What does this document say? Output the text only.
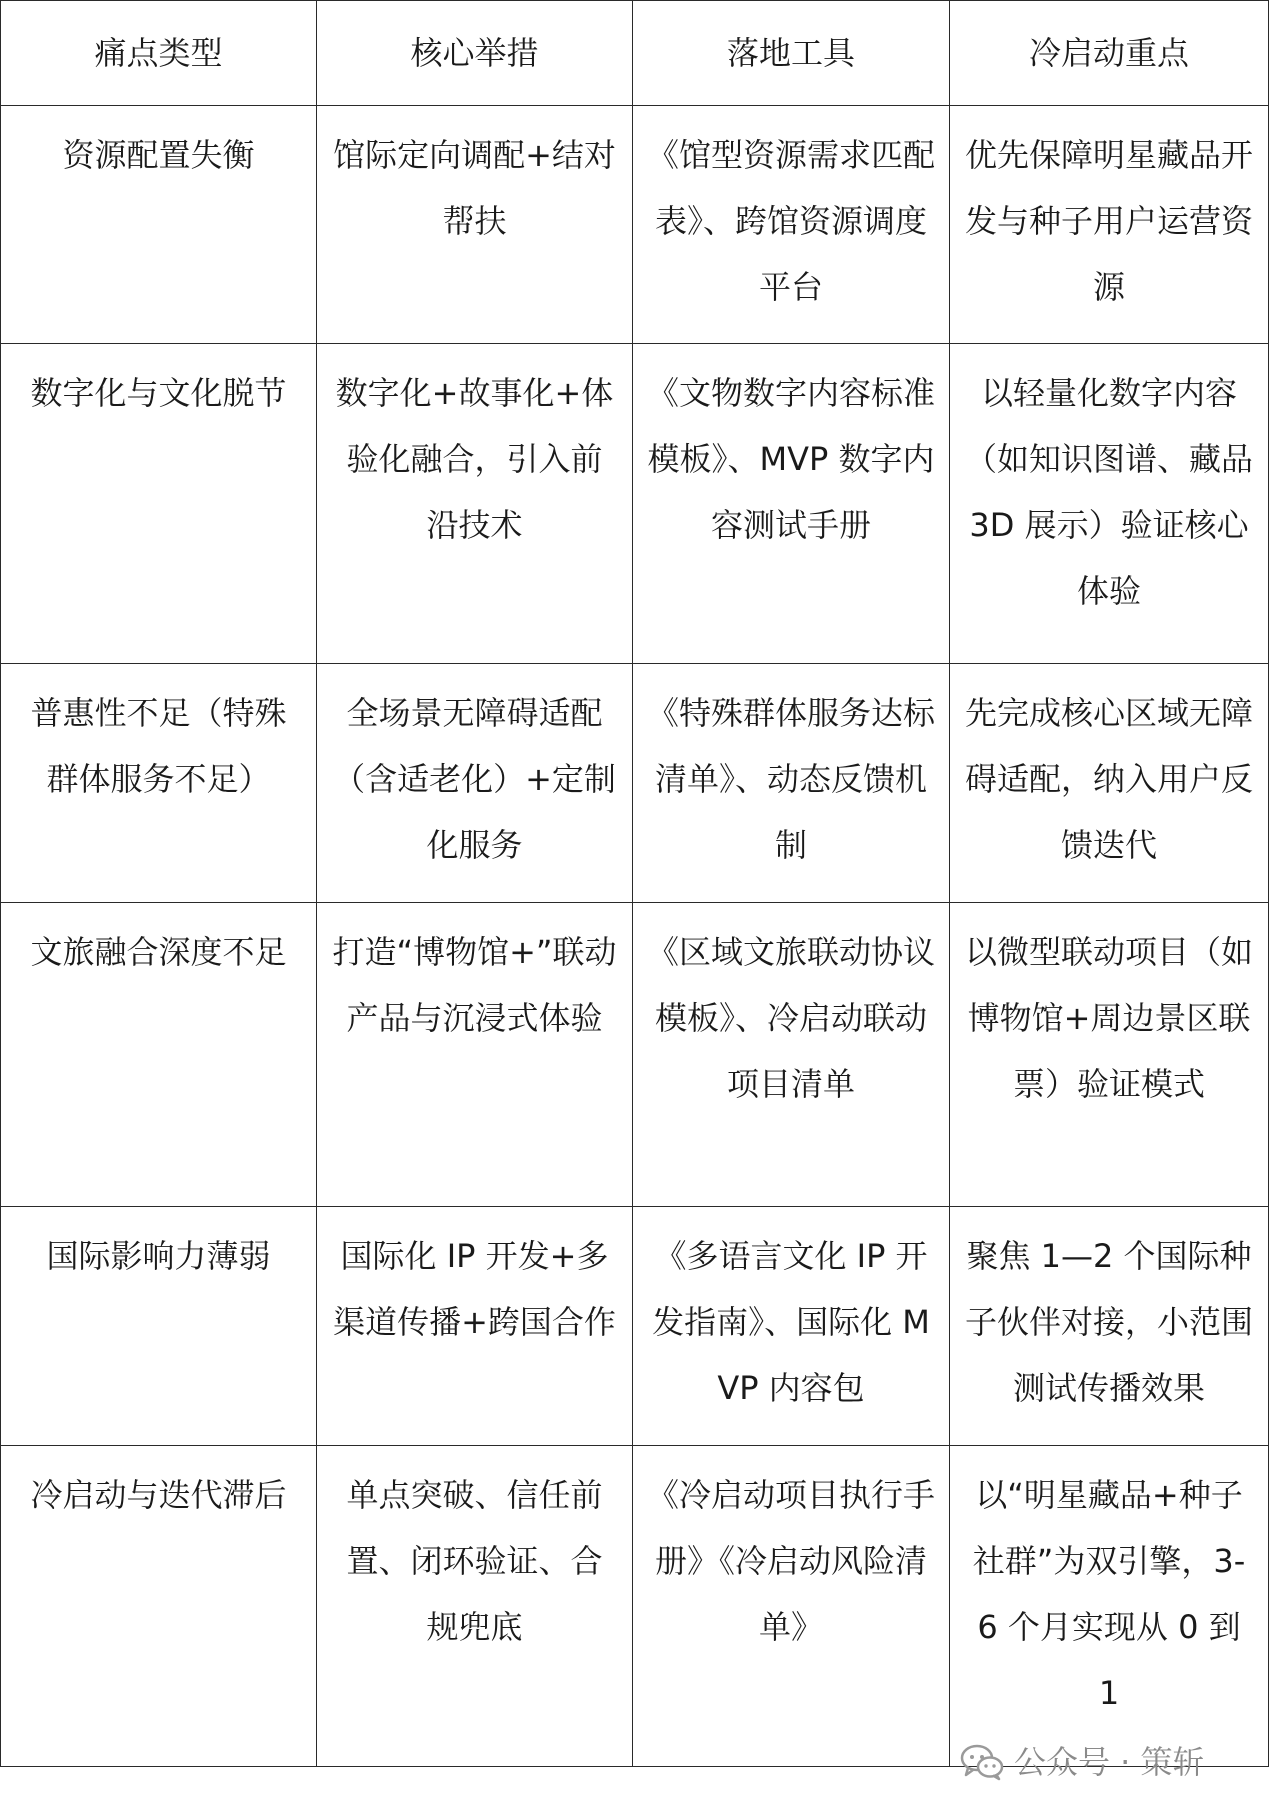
痛点类型	核心举措	落地工具	冷启动重点
资源配置失衡	馆际定向调配+结对帮扶	《馆型资源需求匹配表》、跨馆资源调度平台	优先保障明星藏品开发与种子用户运营资源
数字化与文化脱节	数字化+故事化+体验化融合，引入前沿技术	《文物数字内容标准模板》、MVP 数字内容测试手册	以轻量化数字内容（如知识图谱、藏品 3D 展示）验证核心体验
普惠性不足（特殊群体服务不足）	全场景无障碍适配（含适老化）+定制化服务	《特殊群体服务达标清单》、动态反馈机制	先完成核心区域无障碍适配，纳入用户反馈迭代
文旅融合深度不足	打造“博物馆+”联动产品与沉浸式体验	《区域文旅联动协议模板》、冷启动联动项目清单	以微型联动项目（如博物馆+周边景区联票）验证模式
国际影响力薄弱	国际化 IP 开发+多渠道传播+跨国合作	《多语言文化 IP 开发指南》、国际化 MVP 内容包	聚焦 1—2 个国际种子伙伴对接，小范围测试传播效果
冷启动与迭代滞后	单点突破、信任前置、闭环验证、合规兜底	《冷启动项目执行手册》《冷启动风险清单》	以“明星藏品+种子社群”为双引擎，3-6 个月实现从 0 到 1
公众号 · 策斩
